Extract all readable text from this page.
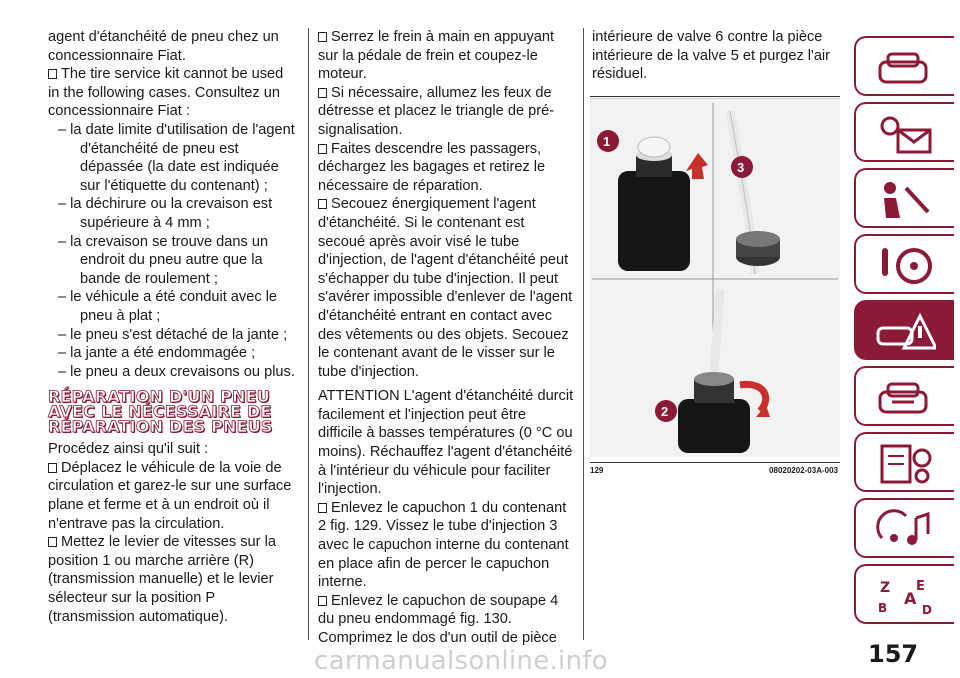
agent d'étanchéité de pneu chez un concessionnaire Fiat.

The tire service kit cannot be used in the following cases. Consultez un concessionnaire Fiat :

– la date limite d'utilisation de l'agent d'étanchéité de pneu est dépassée (la date est indiquée sur l'étiquette du contenant) ;

– la déchirure ou la crevaison est supérieure à 4 mm ;

– la crevaison se trouve dans un endroit du pneu autre que la bande de roulement ;

– le véhicule a été conduit avec le pneu à plat ;

– le pneu s'est détaché de la jante ;

– la jante a été endommagée ;

– le pneu a deux crevaisons ou plus.

RÉPARATION D'UN PNEU AVEC LE NÉCESSAIRE DE RÉPARATION DES PNEUS

Procédez ainsi qu'il suit :

Déplacez le véhicule de la voie de circulation et garez-le sur une surface plane et ferme et à un endroit où il n'entrave pas la circulation.

Mettez le levier de vitesses sur la position 1 ou marche arrière (R) (transmission manuelle) et le levier sélecteur sur la position P (transmission automatique).

Serrez le frein à main en appuyant sur la pédale de frein et coupez-le moteur.

Si nécessaire, allumez les feux de détresse et placez le triangle de pré-signalisation.

Faites descendre les passagers, déchargez les bagages et retirez le nécessaire de réparation.

Secouez énergiquement l'agent d'étanchéité. Si le contenant est secoué après avoir visé le tube d'injection, de l'agent d'étanchéité peut s'échapper du tube d'injection. Il peut s'avérer impossible d'enlever de l'agent d'étanchéité entrant en contact avec des vêtements ou des objets. Secouez le contenant avant de le visser sur le tube d'injection.

ATTENTION L'agent d'étanchéité durcit facilement et l'injection peut être difficile à basses températures (0 °C ou moins). Réchauffez l'agent d'étanchéité à l'intérieur du véhicule pour faciliter l'injection.

Enlevez le capuchon 1 du contenant 2 fig. 129. Vissez le tube d'injection 3 avec le capuchon interne du contenant en place afin de percer le capuchon interne.

Enlevez le capuchon de soupape 4 du pneu endommagé fig. 130. Comprimez le dos d'un outil de pièce

intérieure de valve 6 contre la pièce intérieure de la valve 5 et purgez l'air résiduel.

1
3
2
129	08020202-03A-003
Z E
A
B	D
157
carmanualsonline.info
